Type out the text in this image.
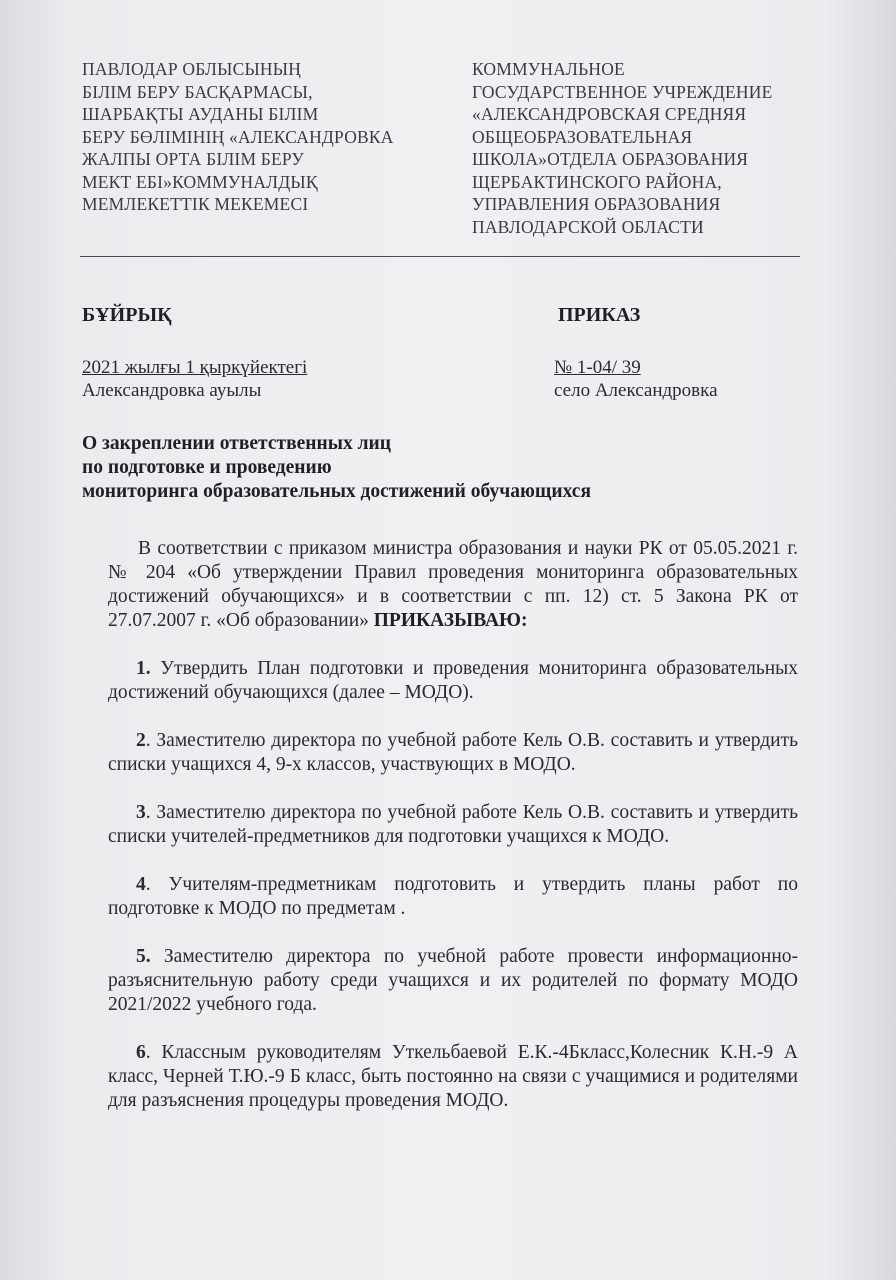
ПАВЛОДАР ОБЛЫСЫНЫҢ
БІЛІМ БЕРУ БАСҚАРМАСЫ,
ШАРБАҚТЫ АУДАНЫ БІЛІМ
БЕРУ БӨЛІМІНІҢ «АЛЕКСАНДРОВКА
ЖАЛПЫ ОРТА БІЛІМ БЕРУ
МЕКТ ЕБІ»КОММУНАЛДЫҚ
МЕМЛЕКЕТТІК МЕКЕМЕСІ
КОММУНАЛЬНОЕ
ГОСУДАРСТВЕННОЕ УЧРЕЖДЕНИЕ
«АЛЕКСАНДРОВСКАЯ СРЕДНЯЯ
ОБЩЕОБРАЗОВАТЕЛЬНАЯ
ШКОЛА»ОТДЕЛА ОБРАЗОВАНИЯ
ЩЕРБАКТИНСКОГО РАЙОНА,
УПРАВЛЕНИЯ ОБРАЗОВАНИЯ
ПАВЛОДАРСКОЙ ОБЛАСТИ
БҰЙРЫҚ	ПРИКАЗ
2021 жылғы 1 қыркүйектегі
Александровка ауылы
№ 1-04/ 39
село Александровка
О закреплении ответственных лиц
по подготовке и проведению
мониторинга образовательных достижений обучающихся

В соответствии с приказом министра образования и науки РК от 05.05.2021 г. № 204 «Об утверждении Правил проведения мониторинга образовательных достижений обучающихся» и в соответствии с пп. 12) ст. 5 Закона РК от 27.07.2007 г. «Об образовании» ПРИКАЗЫВАЮ:

1. Утвердить План подготовки и проведения мониторинга образовательных достижений обучающихся (далее – МОДО).

2. Заместителю директора по учебной работе Кель О.В. составить и утвердить списки учащихся 4, 9-х классов, участвующих в МОДО.

3. Заместителю директора по учебной работе Кель О.В. составить и утвердить списки учителей-предметников для подготовки учащихся к МОДО.

4. Учителям-предметникам подготовить и утвердить планы работ по подготовке к МОДО по предметам .

5. Заместителю директора по учебной работе провести информационно-разъяснительную работу среди учащихся и их родителей по формату МОДО 2021/2022 учебного года.

6. Классным руководителям Уткельбаевой Е.К.-4Бкласс,Колесник К.Н.-9 А класс, Черней Т.Ю.-9 Б класс, быть постоянно на связи с учащимися и родителями для разъяснения процедуры проведения МОДО.
